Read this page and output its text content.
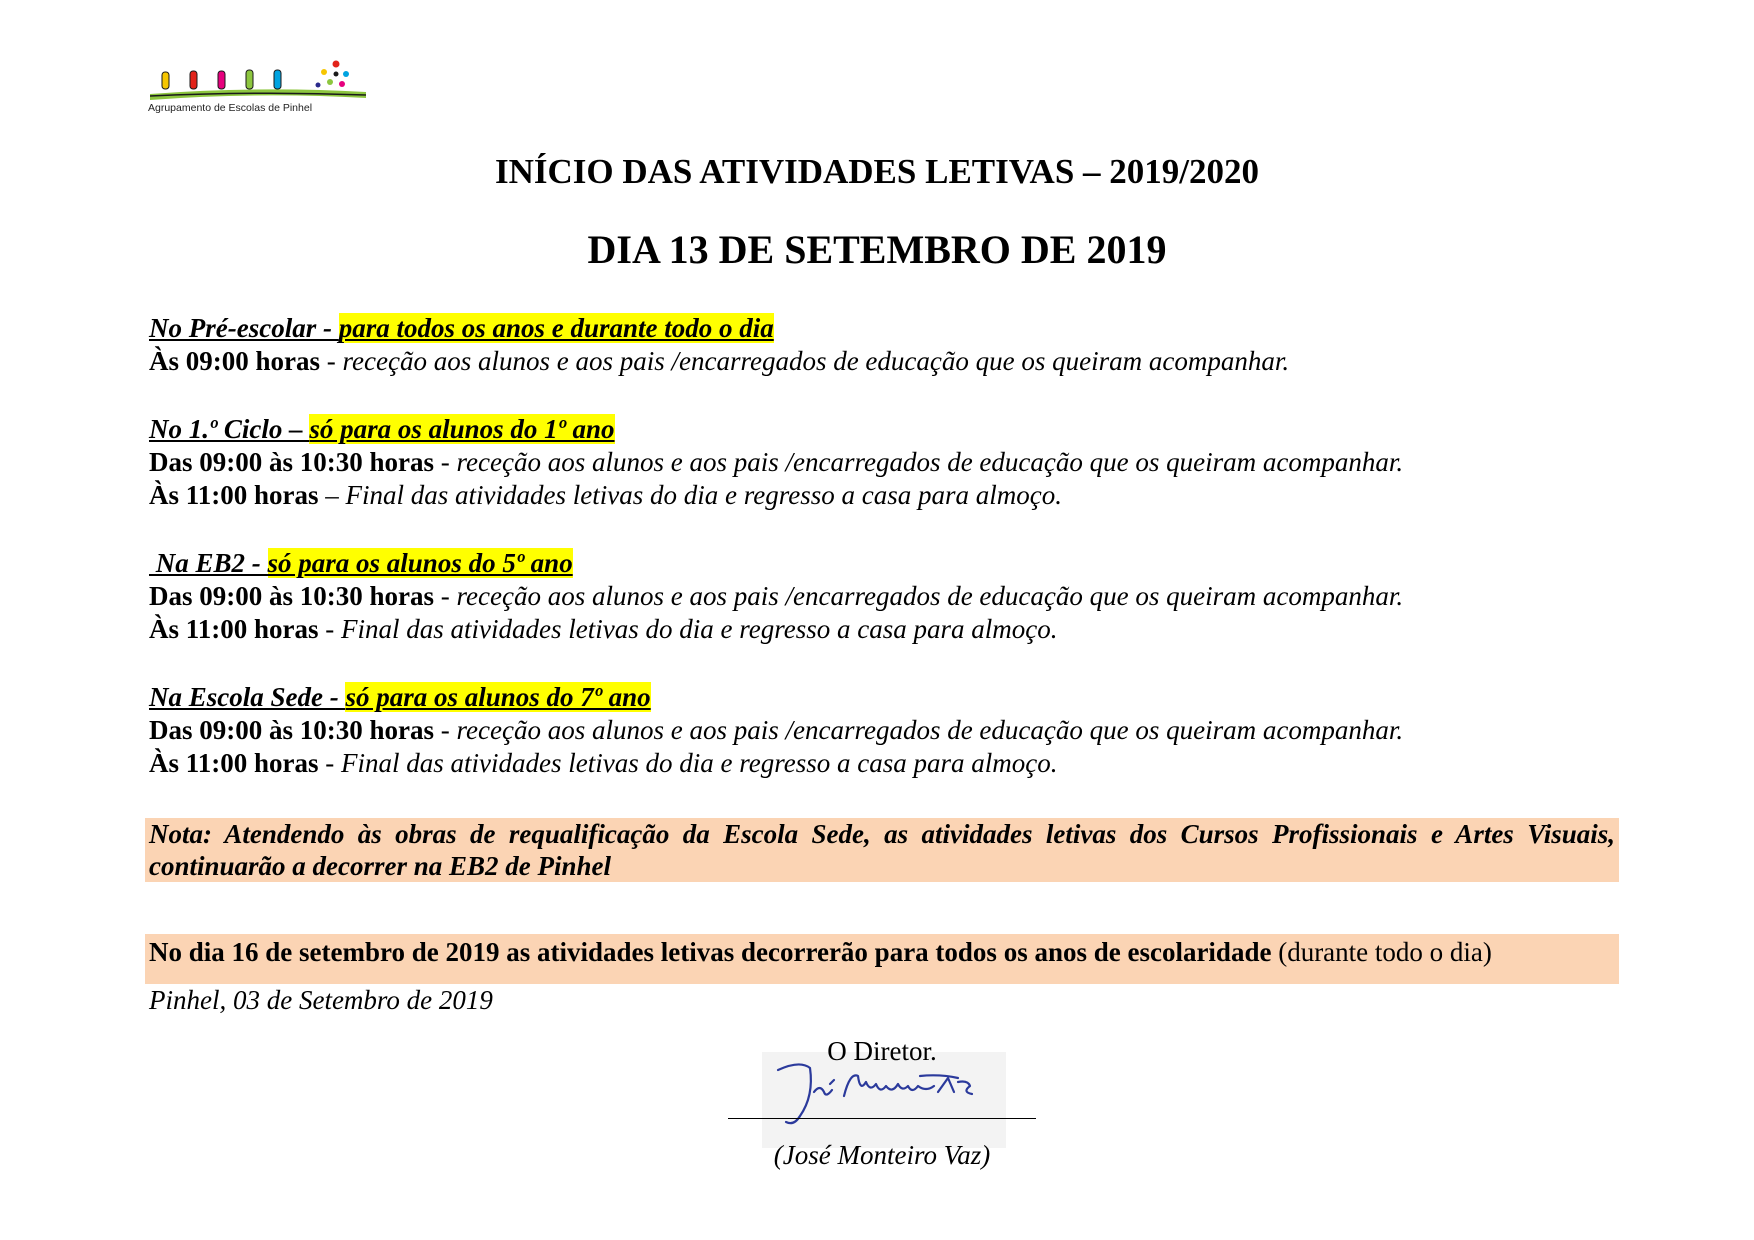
Agrupamento de Escolas de Pinhel
INÍCIO DAS ATIVIDADES LETIVAS – 2019/2020
DIA 13 DE SETEMBRO DE 2019
No Pré-escolar - para todos os anos e durante todo o dia
Às 09:00 horas - receção aos alunos e aos pais /encarregados de educação que os queiram acompanhar.
No 1.º Ciclo – só para os alunos do 1º ano
Das 09:00 às 10:30 horas - receção aos alunos e aos pais /encarregados de educação que os queiram acompanhar.
Às 11:00 horas – Final das atividades letivas do dia e regresso a casa para almoço.
Na EB2 - só para os alunos do 5º ano
Das 09:00 às 10:30 horas - receção aos alunos e aos pais /encarregados de educação que os queiram acompanhar.
Às 11:00 horas - Final das atividades letivas do dia e regresso a casa para almoço.
Na Escola Sede - só para os alunos do 7º ano
Das 09:00 às 10:30 horas - receção aos alunos e aos pais /encarregados de educação que os queiram acompanhar.
Às 11:00 horas - Final das atividades letivas do dia e regresso a casa para almoço.
Nota: Atendendo às obras de requalificação da Escola Sede, as atividades letivas dos Cursos Profissionais e Artes Visuais, continuarão a decorrer na EB2 de Pinhel
No dia 16 de setembro de 2019 as atividades letivas decorrerão para todos os anos de escolaridade (durante todo o dia)
Pinhel, 03 de Setembro de 2019
O Diretor.
(José Monteiro Vaz)
